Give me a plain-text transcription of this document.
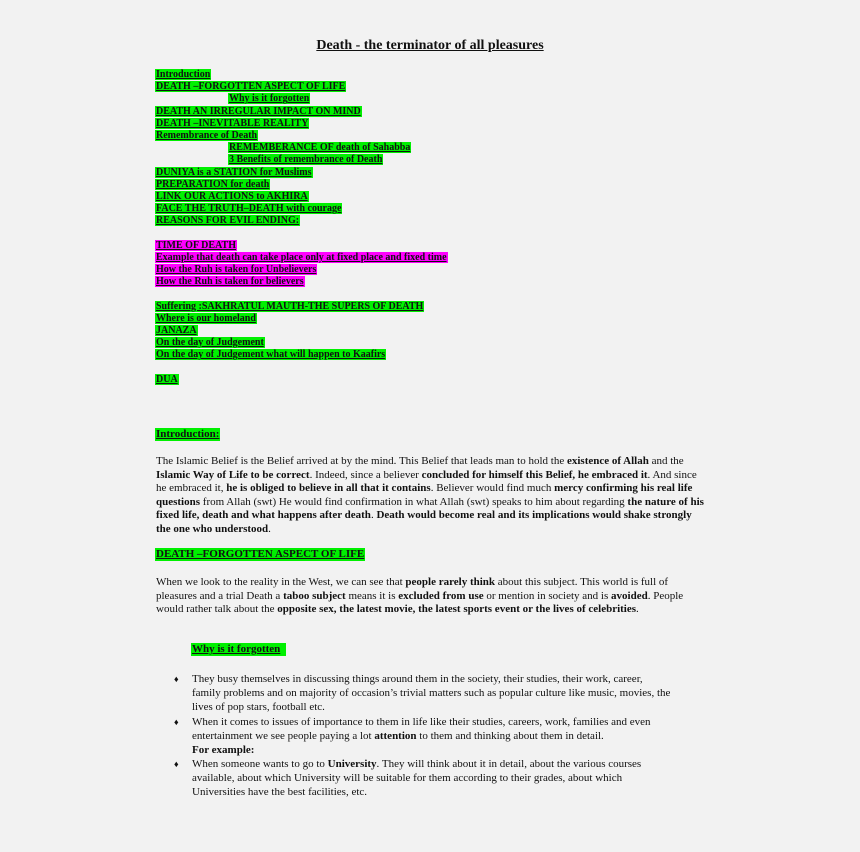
Death - the terminator of all pleasures
Introduction
DEATH –FORGOTTEN ASPECT OF LIFE
Why is it forgotten
DEATH AN IRREGULAR IMPACT ON MIND
DEATH –INEVITABLE REALITY
Remembrance of Death
REMEMBERANCE OF death of Sahabba
3 Benefits of remembrance of Death
DUNIYA is a STATION for Muslims
PREPARATION for death
LINK OUR ACTIONS to AKHIRA
FACE THE TRUTH–DEATH with courage
REASONS FOR EVIL ENDING:
TIME OF DEATH
Example that death can take place only at fixed place and fixed time
How the Ruh is taken for Unbelievers
How the Ruh is taken for believers
Suffering :SAKHRATUL MAUTH-THE SUPERS OF DEATH
Where is our homeland
JANAZA
On the day of Judgement
On the day of Judgement what will happen to Kaafirs
DUA
Introduction:
The Islamic Belief is the Belief arrived at by the mind. This Belief that leads man to hold the existence of Allah and the Islamic Way of Life to be correct. Indeed, since a believer concluded for himself this Belief, he embraced it. And since he embraced it, he is obliged to believe in all that it contains. Believer would find much mercy confirming his real life questions from Allah (swt) He would find confirmation in what Allah (swt) speaks to him about regarding the nature of his fixed life, death and what happens after death. Death would become real and its implications would shake strongly the one who understood.
DEATH –FORGOTTEN ASPECT OF LIFE
When we look to the reality in the West, we can see that people rarely think about this subject. This world is full of pleasures and a trial Death a taboo subject means it is excluded from use or mention in society and is avoided. People would rather talk about the opposite sex, the latest movie, the latest sports event or the lives of celebrities.
Why is it forgotten
♦ They busy themselves in discussing things around them in the society, their studies, their work, career, family problems and on majority of occasion’s trivial matters such as popular culture like music, movies, the lives of pop stars, football etc.
♦ When it comes to issues of importance to them in life like their studies, careers, work, families and even entertainment we see people paying a lot attention to them and thinking about them in detail.
For example:
♦ When someone wants to go to University. They will think about it in detail, about the various courses available, about which University will be suitable for them according to their grades, about which Universities have the best facilities, etc.
